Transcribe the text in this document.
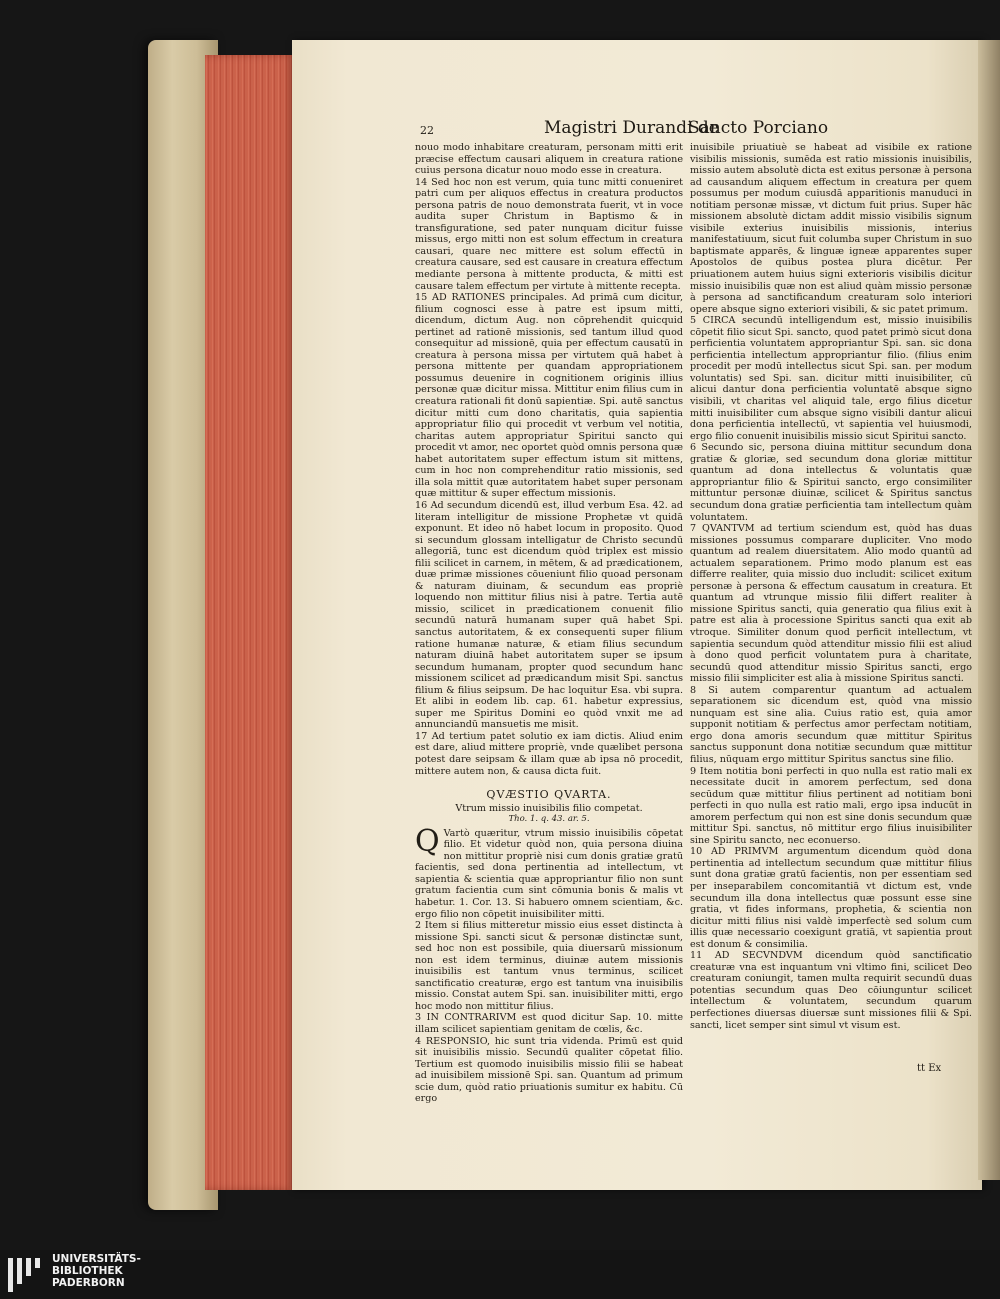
22	Magistri Durandi de
Sancto Porciano

nouo modo inhabitare creaturam, personam mitti erit præcise effectum causari aliquem in creatura ratione cuius persona dicatur nouo modo esse in creatura.

14 Sed hoc non est verum, quia tunc mitti conueniret patri cum per aliquos effectus in creatura productos persona patris de nouo demonstrata fuerit, vt in voce audita super Christum in Baptismo & in transfiguratione, sed pater nunquam dicitur fuisse missus, ergo mitti non est solum effectum in creatura causari, quare nec mittere est solum effectū in creatura causare, sed est causare in creatura effectum mediante persona à mittente producta, & mitti est causare talem effectum per virtute à mittente recepta.

15 AD RATIONES principales. Ad primā cum dicitur, filium cognosci esse à patre est ipsum mitti, dicendum, dictum Aug. non cōprehendit quicquid pertinet ad rationē missionis, sed tantum illud quod consequitur ad missionē, quia per effectum causatū in creatura à persona missa per virtutem quā habet à persona mittente per quandam appropriationem possumus deuenire in cognitionem originis illius personæ quæ dicitur missa. Mittitur enim filius cum in creatura rationali fit donū sapientiæ. Spi. autē sanctus dicitur mitti cum dono charitatis, quia sapientia appropriatur filio qui procedit vt verbum vel notitia, charitas autem appropriatur Spiritui sancto qui procedit vt amor, nec oportet quòd omnis persona quæ habet autoritatem super effectum istum sit mittens, cum in hoc non comprehenditur ratio missionis, sed illa sola mittit quæ autoritatem habet super personam quæ mittitur & super effectum missionis.

16 Ad secundum dicendū est, illud verbum Esa. 42. ad literam intelligitur de missione Prophetæ vt quidā exponunt. Et ideo nō habet locum in proposito. Quod si secundum glossam intelligatur de Christo secundū allegoriā, tunc est dicendum quòd triplex est missio filii scilicet in carnem, in mētem, & ad prædicationem, duæ primæ missiones cōueniunt filio quoad personam & naturam diuinam, & secundum eas propriè loquendo non mittitur filius nisi à patre. Tertia autē missio, scilicet in prædicationem conuenit filio secundū naturā humanam super quā habet Spi. sanctus autoritatem, & ex consequenti super filium ratione humanæ naturæ, & etiam filius secundum naturam diuinā habet autoritatem super se ipsum secundum humanam, propter quod secundum hanc missionem scilicet ad prædicandum misit Spi. sanctus filium & filius seipsum. De hac loquitur Esa. vbi supra. Et alibi in eodem lib. cap. 61. habetur expressius, super me Spiritus Domini eo quòd vnxit me ad annunciandū mansuetis me misit.

17 Ad tertium patet solutio ex iam dictis. Aliud enim est dare, aliud mittere propriè, vnde quælibet persona potest dare seipsam & illam quæ ab ipsa nō procedit, mittere autem non, & causa dicta fuit.

QVÆSTIO QVARTA.
Vtrum missio inuisibilis filio competat.
Tho. 1. q. 43. ar. 5.

Q Vartò quæritur, vtrum missio inuisibilis cōpetat filio. Et videtur quòd non, quia persona diuina non mittitur propriè nisi cum donis gratiæ gratū facientis, sed dona pertinentia ad intellectum, vt sapientia & scientia quæ appropriantur filio non sunt gratum facientia cum sint cōmunia bonis & malis vt habetur. 1. Cor. 13. Si habuero omnem scientiam, &c. ergo filio non cōpetit inuisibiliter mitti.

2 Item si filius mitteretur missio eius esset distincta à missione Spi. sancti sicut & personæ distinctæ sunt, sed hoc non est possibile, quia diuersarū missionum non est idem terminus, diuinæ autem missionis inuisibilis est tantum vnus terminus, scilicet sanctificatio creaturæ, ergo est tantum vna inuisibilis missio. Constat autem Spi. san. inuisibiliter mitti, ergo hoc modo non mittitur filius.

3 IN CONTRARIVM est quod dicitur Sap. 10. mitte illam scilicet sapientiam genitam de cœlis, &c.

4 RESPONSIO, hic sunt tria videnda. Primū est quid sit inuisibilis missio. Secundū qualiter cōpetat filio. Tertium est quomodo inuisibilis missio filii se habeat ad inuisibilem missionē Spi. san. Quantum ad primum scie dum, quòd ratio priuationis sumitur ex habitu. Cū ergo

inuisibile priuatiuè se habeat ad visibile ex ratione visibilis missionis, sumēda est ratio missionis inuisibilis, missio autem absolutè dicta est exitus personæ à persona ad causandum aliquem effectum in creatura per quem possumus per modum cuiusdā apparitionis manuduci in notitiam personæ missæ, vt dictum fuit prius. Super hāc missionem absolutè dictam addit missio visibilis signum visibile exterius inuisibilis missionis, interius manifestatiuum, sicut fuit columba super Christum in suo baptismate apparēs, & linguæ igneæ apparentes super Apostolos de quibus postea plura dicētur. Per priuationem autem huius signi exterioris visibilis dicitur missio inuisibilis quæ non est aliud quàm missio personæ à persona ad sanctificandum creaturam solo interiori opere absque signo exteriori visibili, & sic patet primum.

5 CIRCA secundū intelligendum est, missio inuisibilis cōpetit filio sicut Spi. sancto, quod patet primò sicut dona perficientia voluntatem appropriantur Spi. san. sic dona perficientia intellectum appropriantur filio. (filius enim procedit per modū intellectus sicut Spi. san. per modum voluntatis) sed Spi. san. dicitur mitti inuisibiliter, cū alicui dantur dona perficientia voluntatē absque signo visibili, vt charitas vel aliquid tale, ergo filius dicetur mitti inuisibiliter cum absque signo visibili dantur alicui dona perficientia intellectū, vt sapientia vel huiusmodi, ergo filio conuenit inuisibilis missio sicut Spiritui sancto.

6 Secundo sic, persona diuina mittitur secundum dona gratiæ & gloriæ, sed secundum dona gloriæ mittitur quantum ad dona intellectus & voluntatis quæ appropriantur filio & Spiritui sancto, ergo consimiliter mittuntur personæ diuinæ, scilicet & Spiritus sanctus secundum dona gratiæ perficientia tam intellectum quàm voluntatem.

7 QVANTVM ad tertium sciendum est, quòd has duas missiones possumus comparare dupliciter. Vno modo quantum ad realem diuersitatem. Alio modo quantū ad actualem separationem. Primo modo planum est eas differre realiter, quia missio duo includit: scilicet exitum personæ à persona & effectum causatum in creatura. Et quantum ad vtrunque missio filii differt realiter à missione Spiritus sancti, quia generatio qua filius exit à patre est alia à processione Spiritus sancti qua exit ab vtroque. Similiter donum quod perficit intellectum, vt sapientia secundum quòd attenditur missio filii est aliud à dono quod perficit voluntatem pura à charitate, secundū quod attenditur missio Spiritus sancti, ergo missio filii simpliciter est alia à missione Spiritus sancti.

8 Si autem comparentur quantum ad actualem separationem sic dicendum est, quòd vna missio nunquam est sine alia. Cuius ratio est, quia amor supponit notitiam & perfectus amor perfectam notitiam, ergo dona amoris secundum quæ mittitur Spiritus sanctus supponunt dona notitiæ secundum quæ mittitur filius, nūquam ergo mittitur Spiritus sanctus sine filio.

9 Item notitia boni perfecti in quo nulla est ratio mali ex necessitate ducit in amorem perfectum, sed dona secūdum quæ mittitur filius pertinent ad notitiam boni perfecti in quo nulla est ratio mali, ergo ipsa inducūt in amorem perfectum qui non est sine donis secundum quæ mittitur Spi. sanctus, nō mittitur ergo filius inuisibiliter sine Spiritu sancto, nec econuerso.

10 AD PRIMVM argumentum dicendum quòd dona pertinentia ad intellectum secundum quæ mittitur filius sunt dona gratiæ gratū facientis, non per essentiam sed per inseparabilem concomitantiā vt dictum est, vnde secundum illa dona intellectus quæ possunt esse sine gratia, vt fides informans, prophetia, & scientia non dicitur mitti filius nisi valdè imperfectè sed solum cum illis quæ necessario coexigunt gratiā, vt sapientia prout est donum & consimilia.

11 AD SECVNDVM dicendum quòd sanctificatio creaturæ vna est inquantum vni vltimo fini, scilicet Deo creaturam coniungit, tamen multa requirit secundū duas potentias secundum quas Deo cōiunguntur scilicet intellectum & voluntatem, secundum quarum perfectiones diuersas diuersæ sunt missiones filii & Spi. sancti, licet semper sint simul vt visum est.

tt Ex
UNIVERSITÄTS-
BIBLIOTHEK
PADERBORN
